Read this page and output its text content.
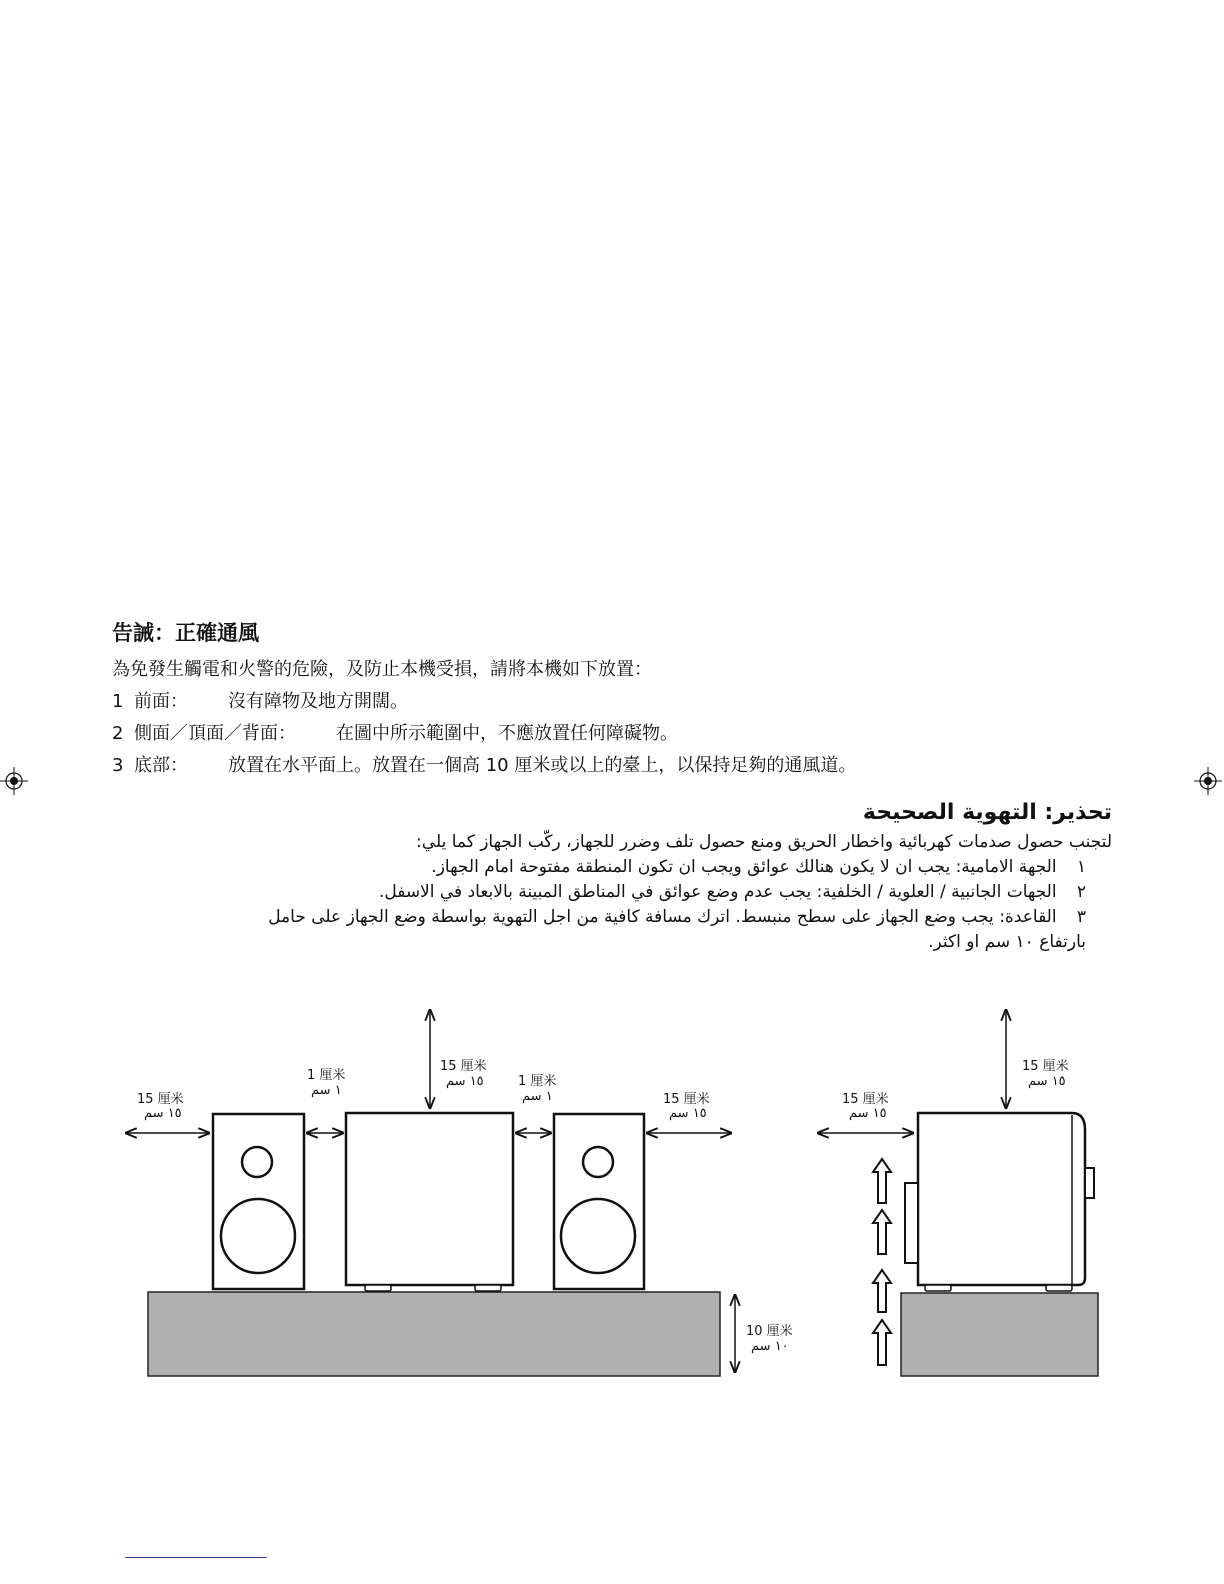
告誡：正確通風
為免發生觸電和火警的危險，及防止本機受損，請將本機如下放置：
1 前面： 沒有障物及地方開闊。
2 側面／頂面／背面： 在圖中所示範圍中，不應放置任何障礙物。
3 底部： 放置在水平面上。放置在一個高 10 厘米或以上的臺上，以保持足夠的通風道。
تحذير: التهوية الصحيحة
لتجنب حصول صدمات كهربائية واخطار الحريق ومنع حصول تلف وضرر للجهاز، ركّب الجهاز كما يلي:
١ الجهة الامامية: يجب ان لا يكون هنالك عوائق ويجب ان تكون المنطقة مفتوحة امام الجهاز.
٢ الجهات الجانبية / العلوية / الخلفية: يجب عدم وضع عوائق في المناطق المبينة بالابعاد في الاسفل.
٣ القاعدة: يجب وضع الجهاز على سطح منبسط. اترك مسافة كافية من اجل التهوية بواسطة وضع الجهاز على حامل
بارتفاع ١٠ سم او اكثر.
15 厘米
١٥ سم
1 厘米
١ سم
15 厘米
١٥ سم	1 厘米
١ سم	15 厘米
١٥ سم
10 厘米
١٠ سم
15 厘米
١٥ سم
15 厘米
١٥ سم
